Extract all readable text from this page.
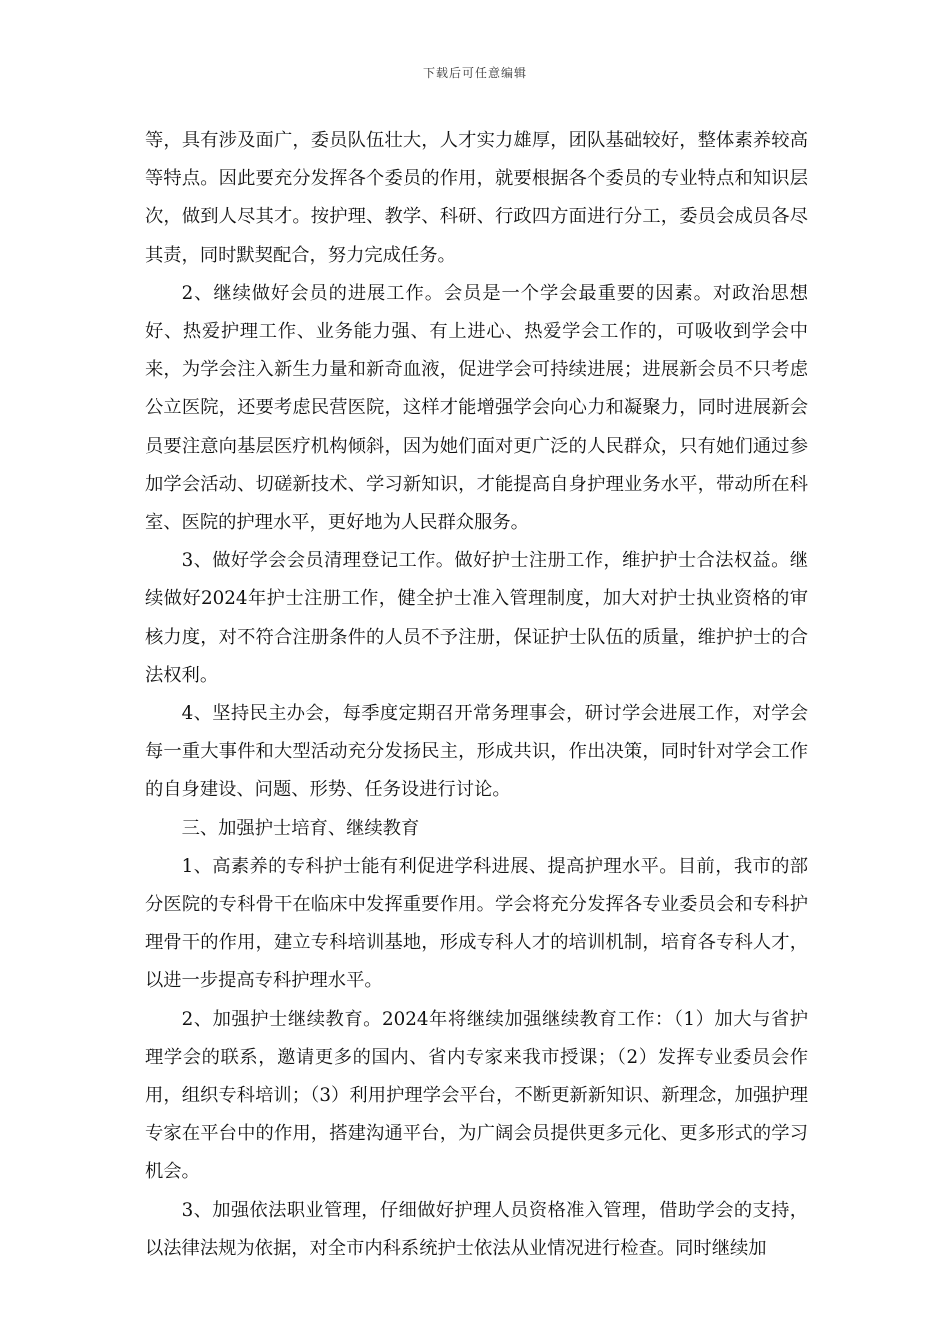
下载后可任意编辑

等，具有涉及面广，委员队伍壮大，人才实力雄厚，团队基础较好，整体素养较高等特点。因此要充分发挥各个委员的作用，就要根据各个委员的专业特点和知识层次，做到人尽其才。按护理、教学、科研、行政四方面进行分工，委员会成员各尽其责，同时默契配合，努力完成任务。

2、继续做好会员的进展工作。会员是一个学会最重要的因素。对政治思想好、热爱护理工作、业务能力强、有上进心、热爱学会工作的，可吸收到学会中来，为学会注入新生力量和新奇血液，促进学会可持续进展；进展新会员不只考虑公立医院，还要考虑民营医院，这样才能增强学会向心力和凝聚力，同时进展新会员要注意向基层医疗机构倾斜，因为她们面对更广泛的人民群众，只有她们通过参加学会活动、切磋新技术、学习新知识，才能提高自身护理业务水平，带动所在科室、医院的护理水平，更好地为人民群众服务。

3、做好学会会员清理登记工作。做好护士注册工作，维护护士合法权益。继续做好2024年护士注册工作，健全护士准入管理制度，加大对护士执业资格的审核力度，对不符合注册条件的人员不予注册，保证护士队伍的质量，维护护士的合法权利。

4、坚持民主办会，每季度定期召开常务理事会，研讨学会进展工作，对学会每一重大事件和大型活动充分发扬民主，形成共识，作出决策，同时针对学会工作的自身建设、问题、形势、任务设进行讨论。

三、加强护士培育、继续教育

1、高素养的专科护士能有利促进学科进展、提高护理水平。目前，我市的部分医院的专科骨干在临床中发挥重要作用。学会将充分发挥各专业委员会和专科护理骨干的作用，建立专科培训基地，形成专科人才的培训机制，培育各专科人才，以进一步提高专科护理水平。

2、加强护士继续教育。2024年将继续加强继续教育工作：（1）加大与省护理学会的联系，邀请更多的国内、省内专家来我市授课；（2）发挥专业委员会作用，组织专科培训；（3）利用护理学会平台，不断更新新知识、新理念，加强护理专家在平台中的作用，搭建沟通平台，为广阔会员提供更多元化、更多形式的学习机会。

3、加强依法职业管理，仔细做好护理人员资格准入管理，借助学会的支持，以法律法规为依据，对全市内科系统护士依法从业情况进行检查。同时继续加
